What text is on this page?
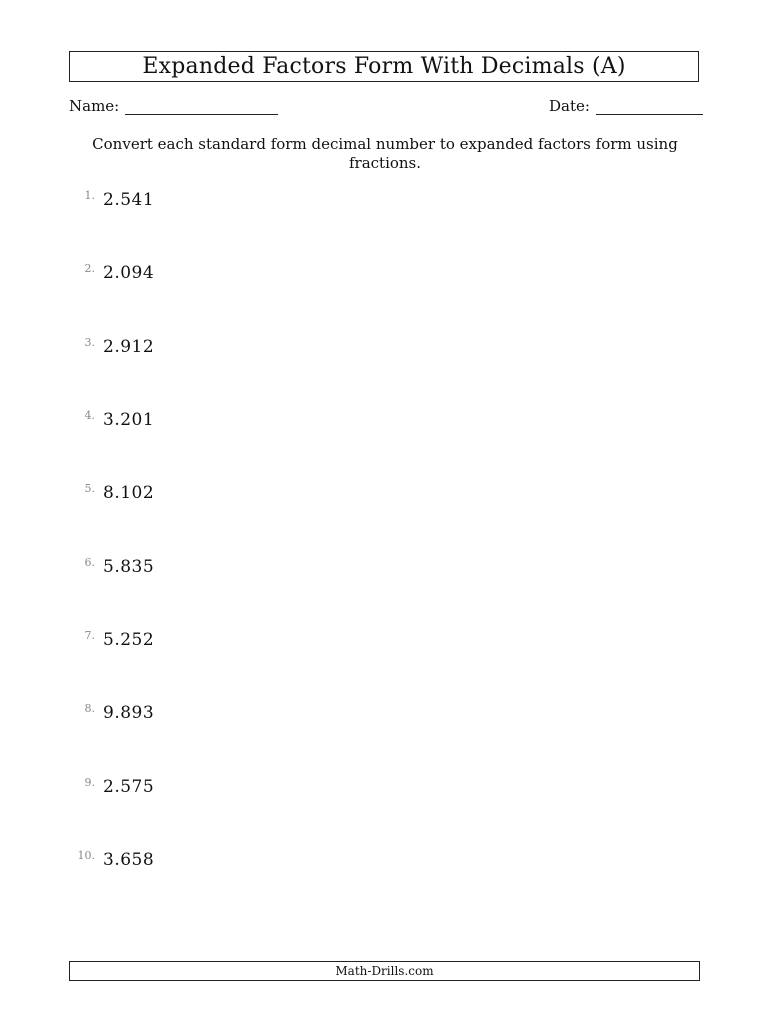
Expanded Factors Form With Decimals (A)
Name:	Date:
Convert each standard form decimal number to expanded factors form using fractions.
1. 2.541
2. 2.094
3. 2.912
4. 3.201
5. 8.102
6. 5.835
7. 5.252
8. 9.893
9. 2.575
10. 3.658
Math-Drills.com
